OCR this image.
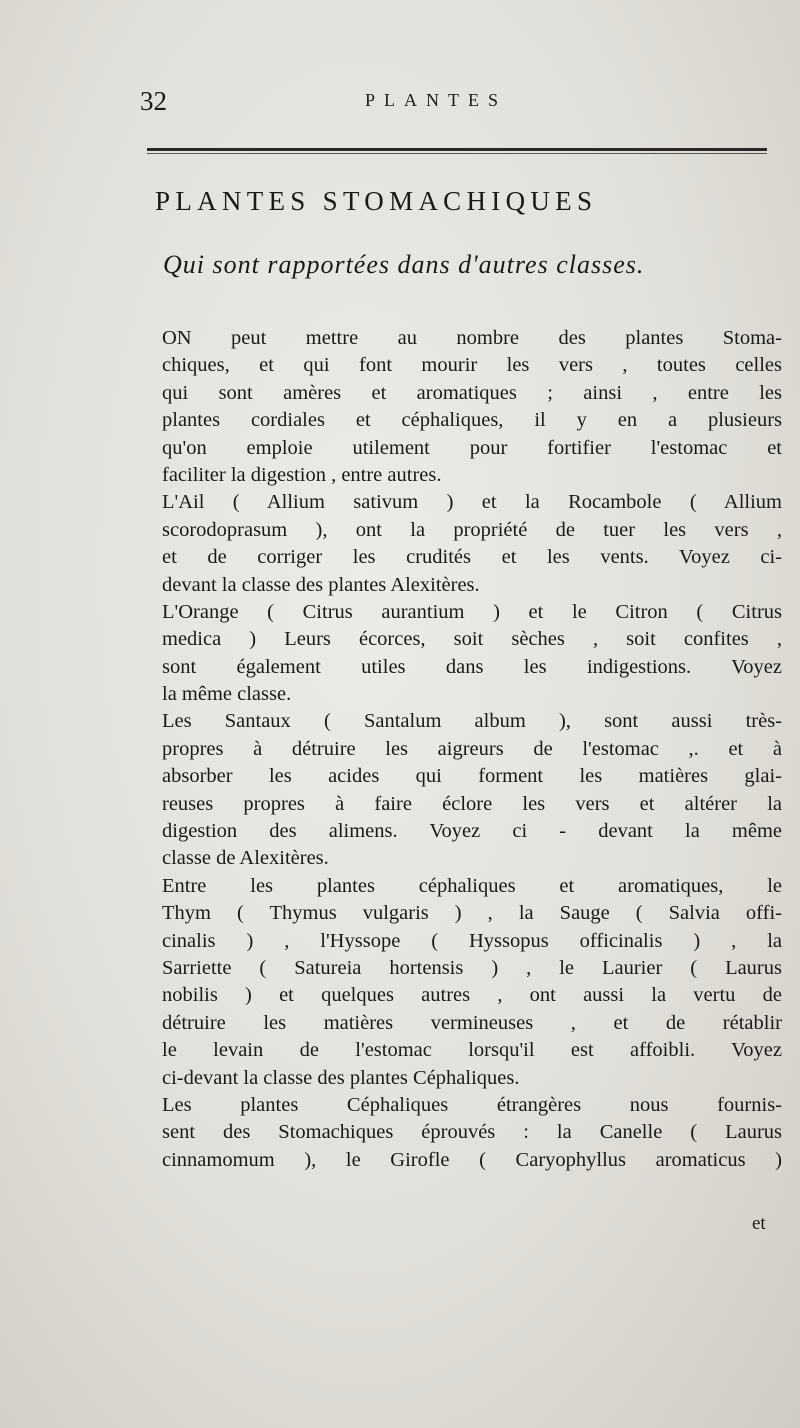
32	PLANTES
PLANTES STOMACHIQUES
Qui sont rapportées dans d'autres classes.
ON peut mettre au nombre des plantes Stoma-
chiques, et qui font mourir les vers , toutes celles
qui sont amères et aromatiques ; ainsi , entre les
plantes cordiales et céphaliques, il y en a plusieurs
qu'on emploie utilement pour fortifier l'estomac et
faciliter la digestion , entre autres.
L'Ail ( Allium sativum ) et la Rocambole ( Allium
scorodoprasum ), ont la propriété de tuer les vers ,
et de corriger les crudités et les vents. Voyez ci-
devant la classe des plantes Alexitères.
L'Orange ( Citrus aurantium ) et le Citron ( Citrus
medica ) Leurs écorces, soit sèches , soit confites ,
sont également utiles dans les indigestions. Voyez
la même classe.
Les Santaux ( Santalum album ), sont aussi très-
propres à détruire les aigreurs de l'estomac ,. et à
absorber les acides qui forment les matières glai-
reuses propres à faire éclore les vers et altérer la
digestion des alimens. Voyez ci - devant la même
classe de Alexitères.
Entre les plantes céphaliques et aromatiques, le
Thym ( Thymus vulgaris ) , la Sauge ( Salvia offi-
cinalis ) , l'Hyssope ( Hyssopus officinalis ) , la
Sarriette ( Satureia hortensis ) , le Laurier ( Laurus
nobilis ) et quelques autres , ont aussi la vertu de
détruire les matières vermineuses , et de rétablir
le levain de l'estomac lorsqu'il est affoibli. Voyez
ci-devant la classe des plantes Céphaliques.
Les plantes Céphaliques étrangères nous fournis-
sent des Stomachiques éprouvés : la Canelle ( Laurus
cinnamomum ), le Girofle ( Caryophyllus aromaticus )
et
